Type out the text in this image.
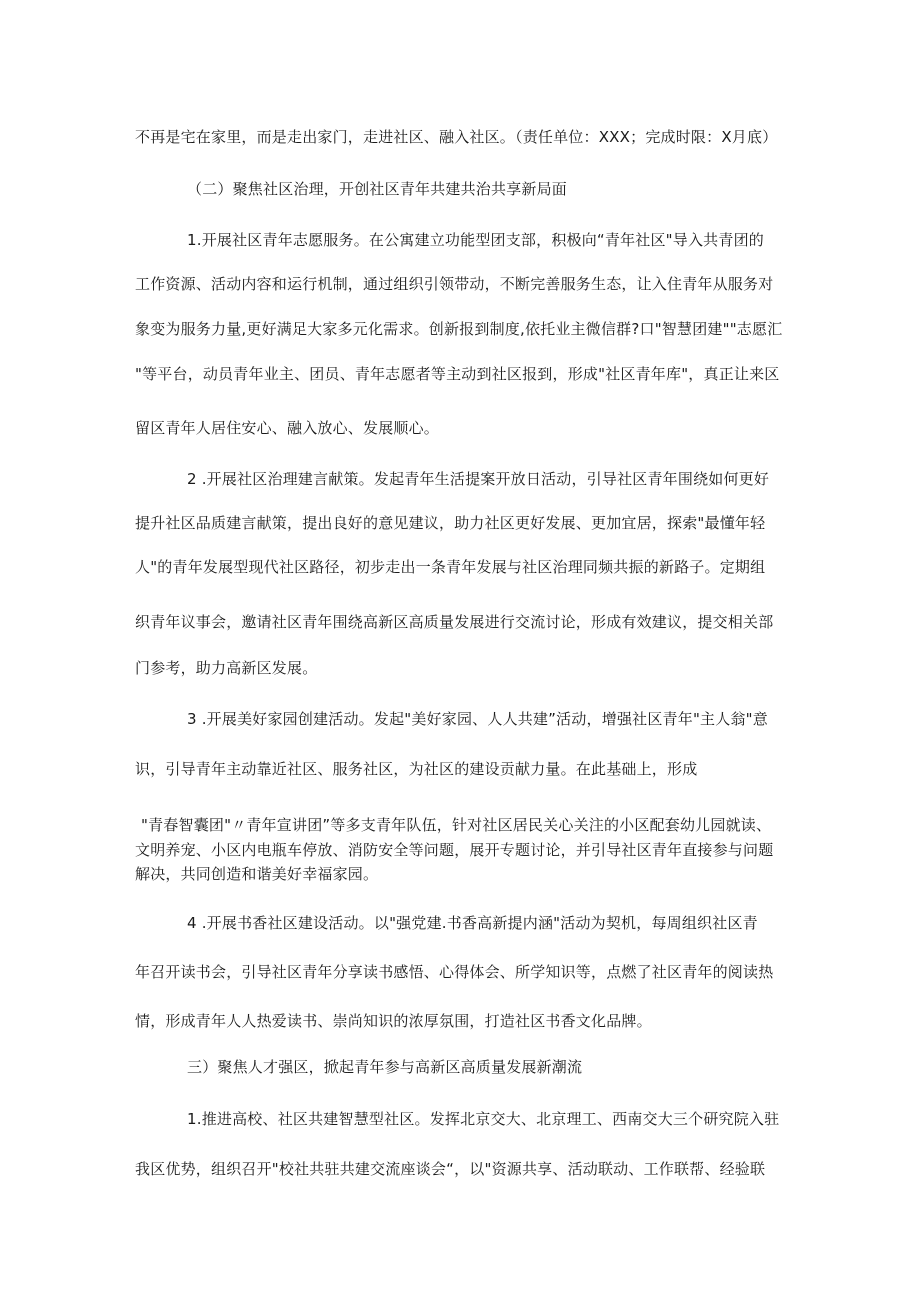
不再是宅在家里，而是走出家门，走进社区、融入社区。（责任单位：XXX；完成时限：X月底）
（二）聚焦社区治理，开创社区青年共建共治共享新局面
1.开展社区青年志愿服务。在公寓建立功能型团支部，积极向“青年社区"导入共青团的
工作资源、活动内容和运行机制，通过组织引领带动，不断完善服务生态，让入住青年从服务对
象变为服务力量,更好满足大家多元化需求。创新报到制度,依托业主微信群?口"智慧团建""志愿汇
"等平台，动员青年业主、团员、青年志愿者等主动到社区报到，形成"社区青年库"，真正让来区
留区青年人居住安心、融入放心、发展顺心。
2 .开展社区治理建言献策。发起青年生活提案开放日活动，引导社区青年围绕如何更好
提升社区品质建言献策，提出良好的意见建议，助力社区更好发展、更加宜居，探索"最懂年轻
人"的青年发展型现代社区路径，初步走出一条青年发展与社区治理同频共振的新路子。定期组
织青年议事会，邀请社区青年围绕高新区高质量发展进行交流讨论，形成有效建议，提交相关部
门参考，助力高新区发展。
3 .开展美好家园创建活动。发起"美好家园、人人共建”活动，增强社区青年"主人翁"意
识，引导青年主动靠近社区、服务社区，为社区的建设贡献力量。在此基础上，形成
"青春智囊团"〃青年宣讲团”等多支青年队伍，针对社区居民关心关注的小区配套幼儿园就读、
文明养宠、小区内电瓶车停放、消防安全等问题，展开专题讨论，并引导社区青年直接参与问题
解决，共同创造和谐美好幸福家园。
4 .开展书香社区建设活动。以"强党建.书香高新提内涵"活动为契机，每周组织社区青
年召开读书会，引导社区青年分享读书感悟、心得体会、所学知识等，点燃了社区青年的阅读热
情，形成青年人人热爱读书、崇尚知识的浓厚氛围，打造社区书香文化品牌。
三）聚焦人才强区，掀起青年参与高新区高质量发展新潮流
1.推进高校、社区共建智慧型社区。发挥北京交大、北京理工、西南交大三个研究院入驻
我区优势，组织召开"校社共驻共建交流座谈会“，以"资源共享、活动联动、工作联帮、经验联
